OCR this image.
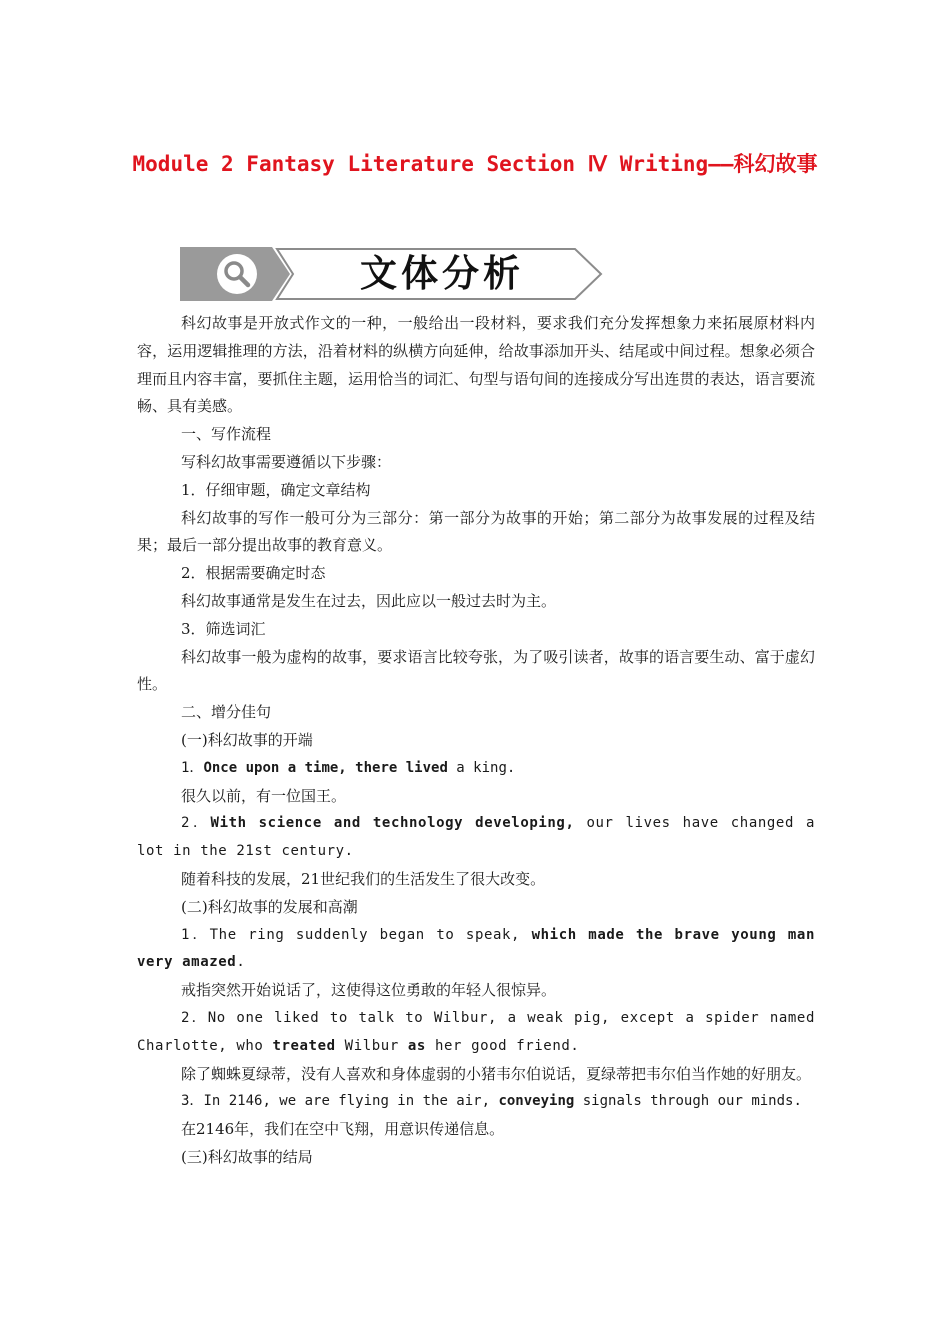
Module 2 Fantasy Literature Section Ⅳ Writing——科幻故事
文体分析

科幻故事是开放式作文的一种，一般给出一段材料，要求我们充分发挥想象力来拓展原材料内容，运用逻辑推理的方法，沿着材料的纵横方向延伸，给故事添加开头、结尾或中间过程。想象必须合理而且内容丰富，要抓住主题，运用恰当的词汇、句型与语句间的连接成分写出连贯的表达，语言要流畅、具有美感。

一、写作流程

写科幻故事需要遵循以下步骤：

1．仔细审题，确定文章结构

科幻故事的写作一般可分为三部分：第一部分为故事的开始；第二部分为故事发展的过程及结果；最后一部分提出故事的教育意义。

2．根据需要确定时态

科幻故事通常是发生在过去，因此应以一般过去时为主。

3．筛选词汇

科幻故事一般为虚构的故事，要求语言比较夸张，为了吸引读者，故事的语言要生动、富于虚幻性。

二、增分佳句

(一)科幻故事的开端

1．Once upon a time, there lived a king.

很久以前，有一位国王。

2．With science and technology developing, our lives have changed a lot in the 21st century.

随着科技的发展，21世纪我们的生活发生了很大改变。

(二)科幻故事的发展和高潮

1．The ring suddenly began to speak, which made the brave young man very amazed.

戒指突然开始说话了，这使得这位勇敢的年轻人很惊异。

2．No one liked to talk to Wilbur, a weak pig, except a spider named Charlotte, who treated Wilbur as her good friend.

除了蜘蛛夏绿蒂，没有人喜欢和身体虚弱的小猪韦尔伯说话，夏绿蒂把韦尔伯当作她的好朋友。

3．In 2146, we are flying in the air, conveying signals through our minds.

在2146年，我们在空中飞翔，用意识传递信息。

(三)科幻故事的结局
